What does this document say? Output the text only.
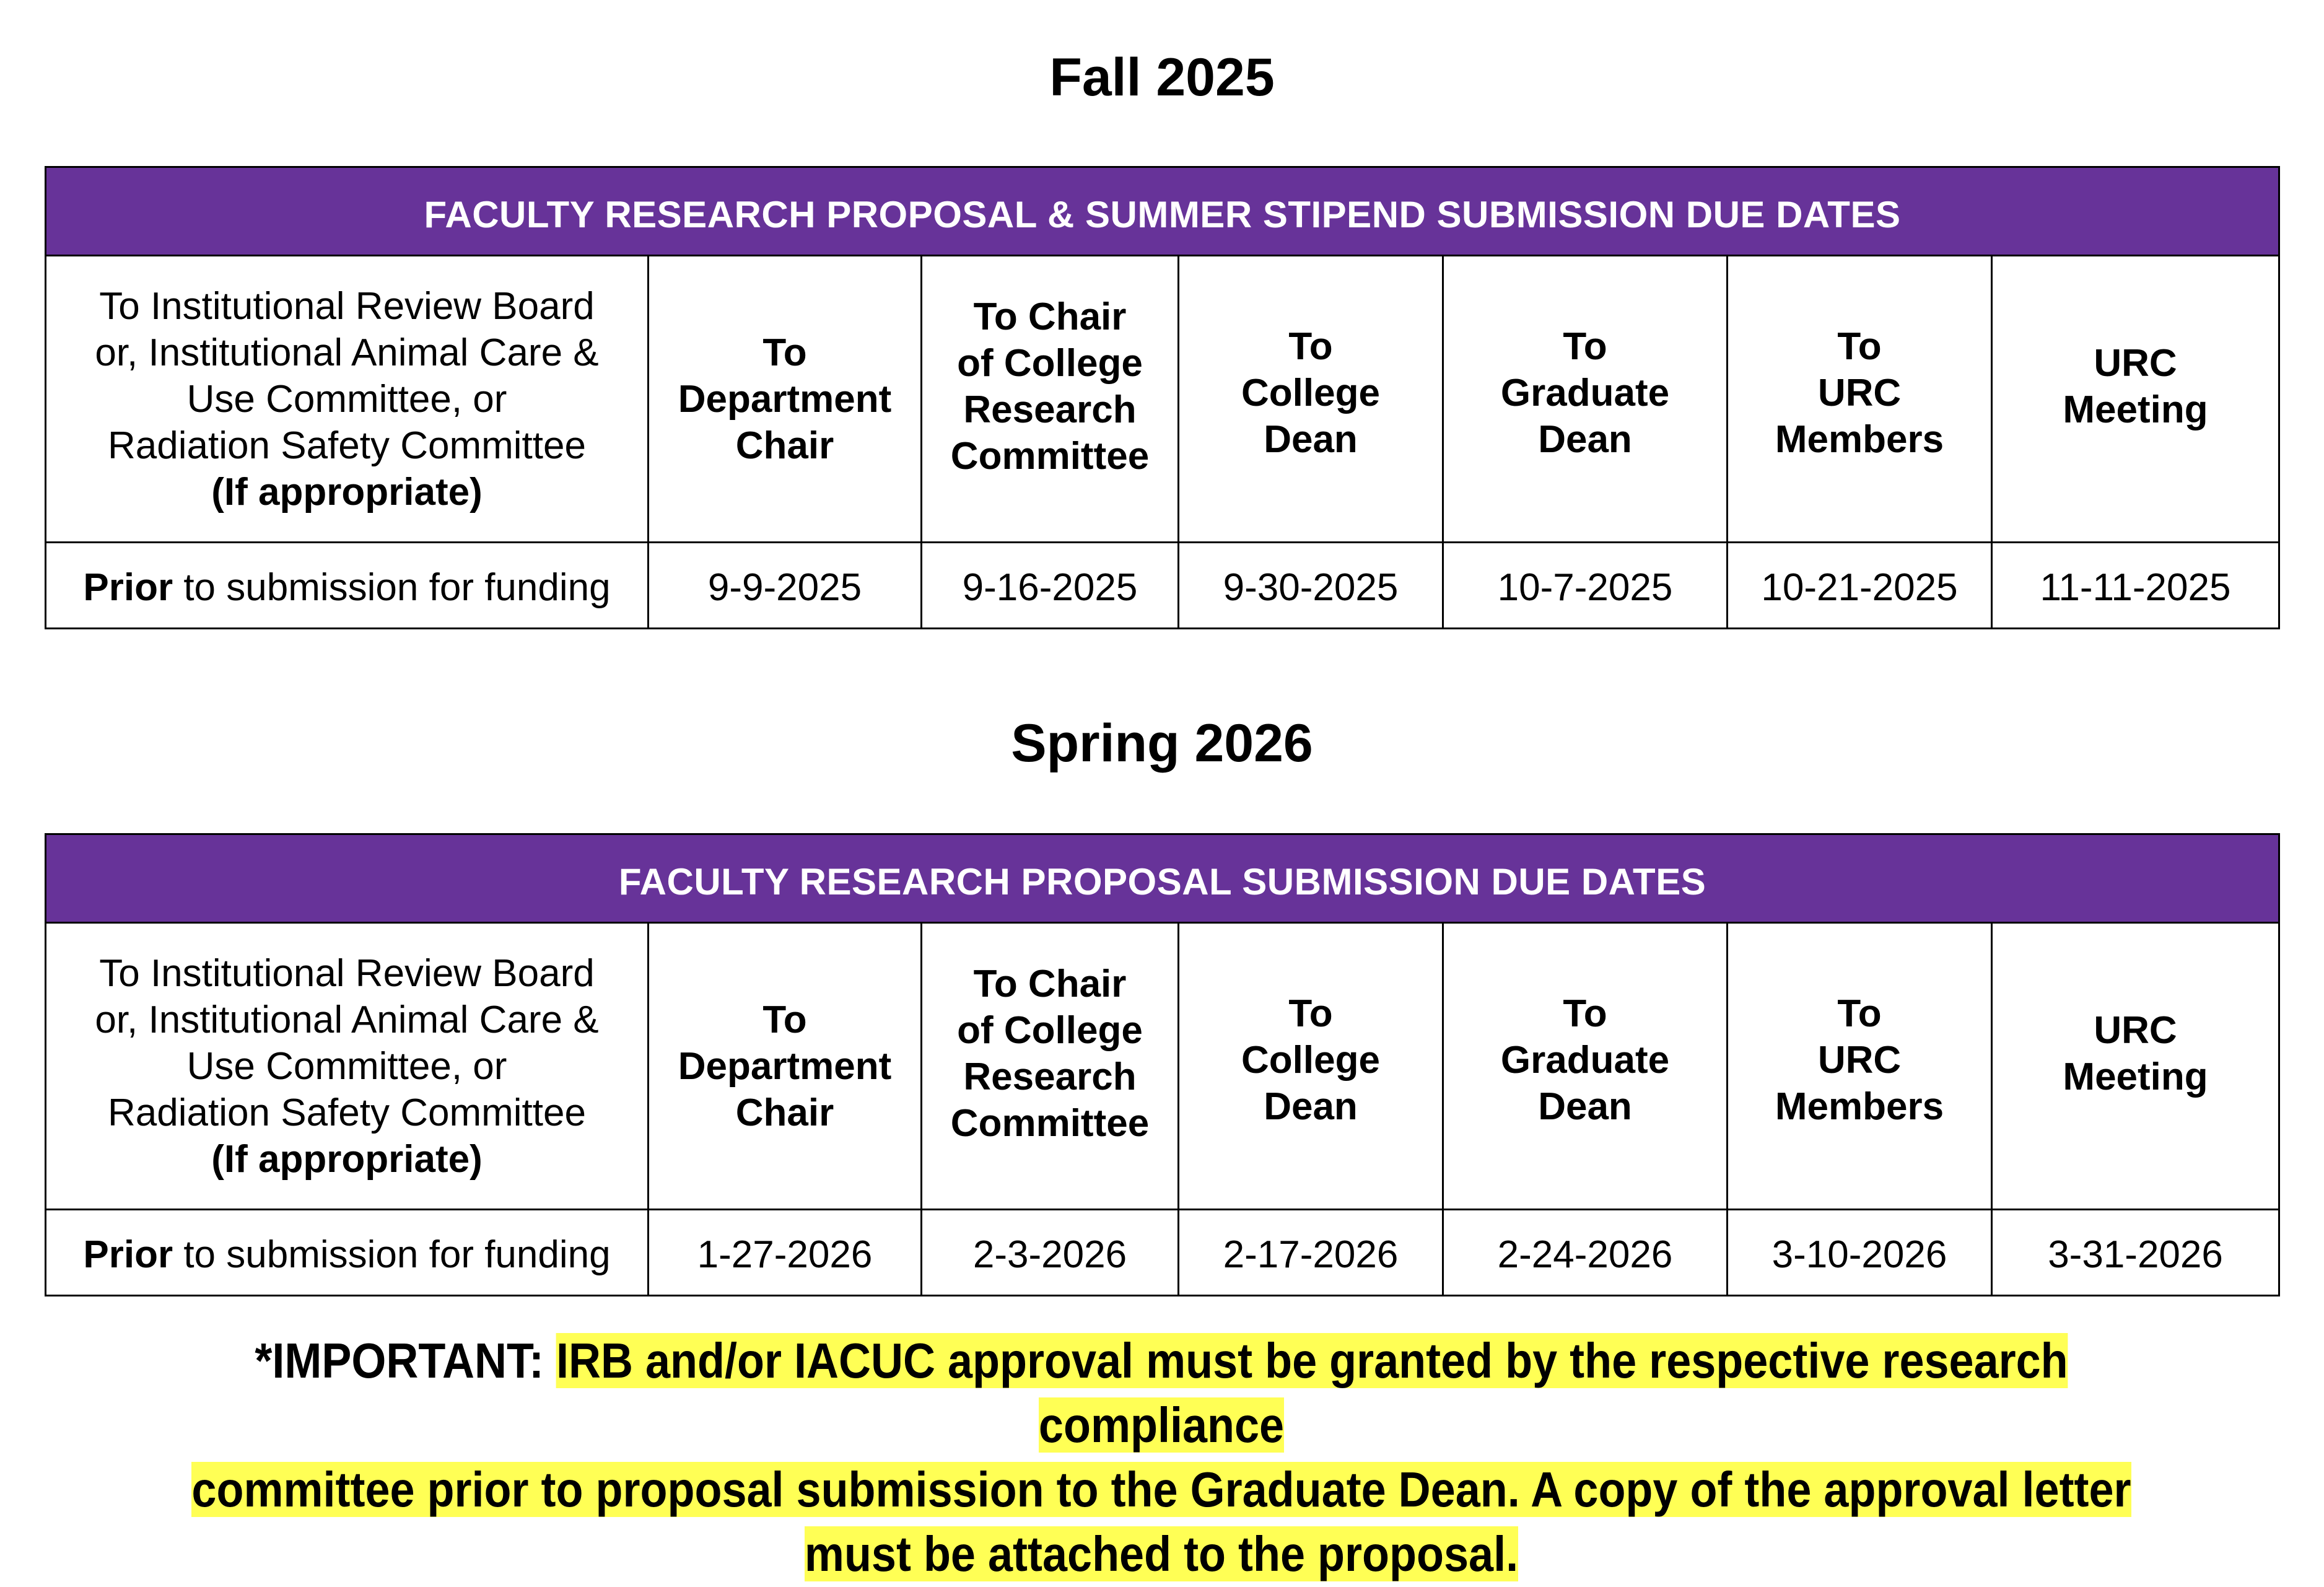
Fall 2025
FACULTY RESEARCH PROPOSAL & SUMMER STIPEND SUBMISSION DUE DATES						

To Institutional Review Board
or, Institutional Animal Care &
Use Committee, or
Radiation Safety Committee
(If appropriate)	To
Department
Chair	To Chair
of College
Research
Committee	To
College
Dean	To
Graduate
Dean	To
URC
Members	URC
Meeting

Prior to submission for funding	9-9-2025	9-16-2025	9-30-2025	10-7-2025	10-21-2025	11-11-2025
Spring 2026
FACULTY RESEARCH PROPOSAL SUBMISSION DUE DATES						

To Institutional Review Board
or, Institutional Animal Care &
Use Committee, or
Radiation Safety Committee
(If appropriate)	To
Department
Chair	To Chair
of College
Research
Committee	To
College
Dean	To
Graduate
Dean	To
URC
Members	URC
Meeting

Prior to submission for funding	1-27-2026	2-3-2026	2-17-2026	2-24-2026	3-10-2026	3-31-2026
*IMPORTANT: IRB and/or IACUC approval must be granted by the respective research compliance
committee prior to proposal submission to the Graduate Dean. A copy of the approval letter
must be attached to the proposal.
